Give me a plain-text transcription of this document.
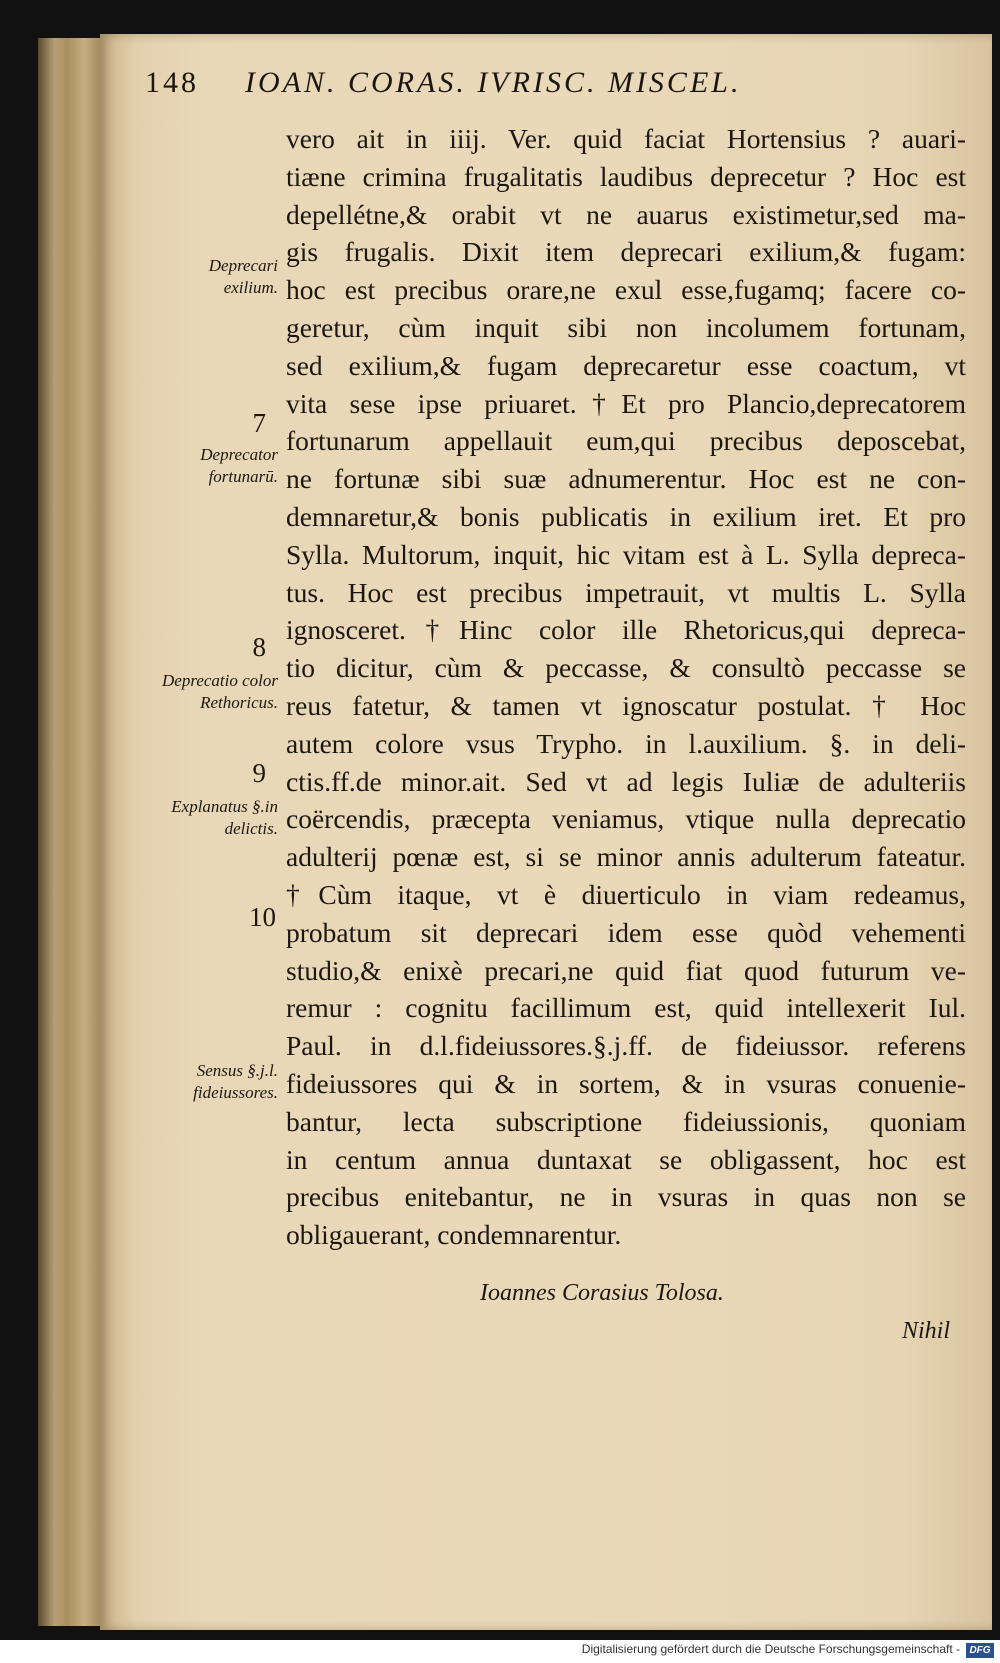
148 IOAN. CORAS. IVRISC. MISCEL.
vero ait in iiij. Ver. quid faciat Hortensius ? auari-
tiæne crimina frugalitatis laudibus deprecetur ? Hoc est
depellétne,& orabit vt ne auarus existimetur,sed ma-
gis frugalis. Dixit item deprecari exilium,& fugam:
hoc est precibus orare,ne exul esse,fugamq; facere co-
geretur, cùm inquit sibi non incolumem fortunam,
sed exilium,& fugam deprecaretur esse coactum, vt
vita sese ipse priuaret.†Et pro Plancio,deprecatorem
fortunarum appellauit eum,qui precibus deposcebat,
ne fortunæ sibi suæ adnumerentur. Hoc est ne con-
demnaretur,& bonis publicatis in exilium iret. Et pro
Sylla. Multorum, inquit, hic vitam est à L. Sylla depreca-
tus. Hoc est precibus impetrauit, vt multis L. Sylla
ignosceret.†Hinc color ille Rhetoricus,qui depreca-
tio dicitur, cùm & peccasse, & consultò peccasse se
reus fatetur, & tamen vt ignoscatur postulat. † Hoc
autem colore vsus Trypho. in l.auxilium. §. in deli-
ctis.ff.de minor.ait. Sed vt ad legis Iuliæ de adulteriis
coërcendis, præcepta veniamus, vtique nulla deprecatio
adulterij pœnæ est, si se minor annis adulterum fateatur.
†Cùm itaque, vt è diuerticulo in viam redeamus,
probatum sit deprecari idem esse quòd vehementi
studio,& enixè precari,ne quid fiat quod futurum ve-
remur : cognitu facillimum est, quid intellexerit Iul.
Paul. in d.l.fideiussores.§.j.ff. de fideiussor. referens
fideiussores qui & in sortem, & in vsuras conuenie-
bantur, lecta subscriptione fideiussionis, quoniam
in centum annua duntaxat se obligassent, hoc est
precibus enitebantur, ne in vsuras in quas non se
obligauerant, condemnarentur.
Deprecari exilium.
Deprecator fortunarū.
Deprecatio color Rethoricus.
Explanatus §.in delictis.
Sensus §.j.l. fideiussores.
7
8
9
10
Ioannes Corasius Tolosa.
Nihil
Digitalisierung gefördert durch die Deutsche Forschungsgemeinschaft - DFG
